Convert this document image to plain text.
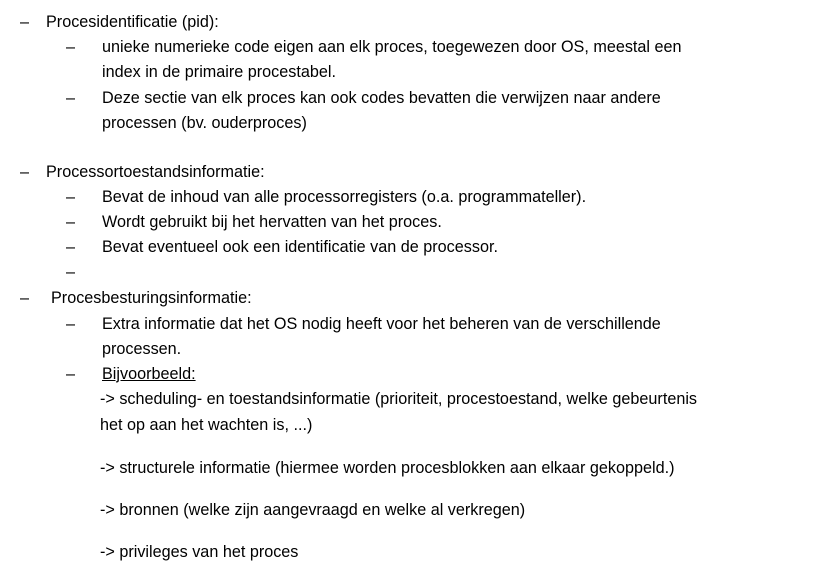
– Procesidentificatie (pid):
– unieke numerieke code eigen aan elk proces, toegewezen door OS, meestal een
index in de primaire procestabel.
– Deze sectie van elk proces kan ook codes bevatten die verwijzen naar andere
processen (bv. ouderproces)
– Processortoestandsinformatie:
– Bevat de inhoud van alle processorregisters (o.a. programmateller).
– Wordt gebruikt bij het hervatten van het proces.
– Bevat eventueel ook een identificatie van de processor.
–
– Procesbesturingsinformatie:
– Extra informatie dat het OS nodig heeft voor het beheren van de verschillende
processen.
– Bijvoorbeeld:
-> scheduling- en toestandsinformatie (prioriteit, procestoestand, welke gebeurtenis
het op aan het wachten is, ...)
-> structurele informatie (hiermee worden procesblokken aan elkaar gekoppeld.)
-> bronnen (welke zijn aangevraagd en welke al verkregen)
-> privileges van het proces
